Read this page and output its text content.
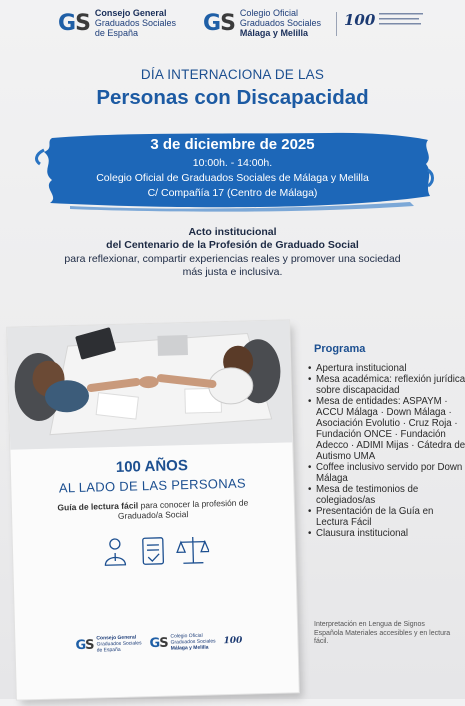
GS Consejo General
Graduados Sociales
de España	GS Colegio Oficial
Graduados Sociales
Málaga y Melilla
100
DÍA INTERNACIONA DE LAS
Personas con Discapacidad
3 de diciembre de 2025
10:00h. - 14:00h.
Colegio Oficial de Graduados Sociales de Málaga y Melilla
C/ Compañía 17 (Centro de Málaga)
Acto institucional
del Centenario de la Profesión de Graduado Social
para reflexionar, compartir experiencias reales y promover una sociedad más justa e inclusiva.
100 AÑOS
AL LADO DE LAS PERSONAS
Guía de lectura fácil para conocer la profesión de Graduado/a Social
GS Consejo General
Graduados Sociales
de España	GS Colegio Oficial
Graduados Sociales
Málaga y Melilla
100
Programa
• Apertura institucional
• Mesa académica: reflexión jurídica sobre discapacidad
• Mesa de entidades: ASPAYM · ACCU Málaga · Down Málaga · Asociación Evolutio · Cruz Roja · Fundación ONCE · Fundación Adecco · ADIMI Mijas · Cátedra de Autismo UMA
• Coffee inclusivo servido por Down Málaga
• Mesa de testimonios de colegiados/as
• Presentación de la Guía en Lectura Fácil
• Clausura institucional
Interpretación en Lengua de Signos Española Materiales accesibles y en lectura fácil.
